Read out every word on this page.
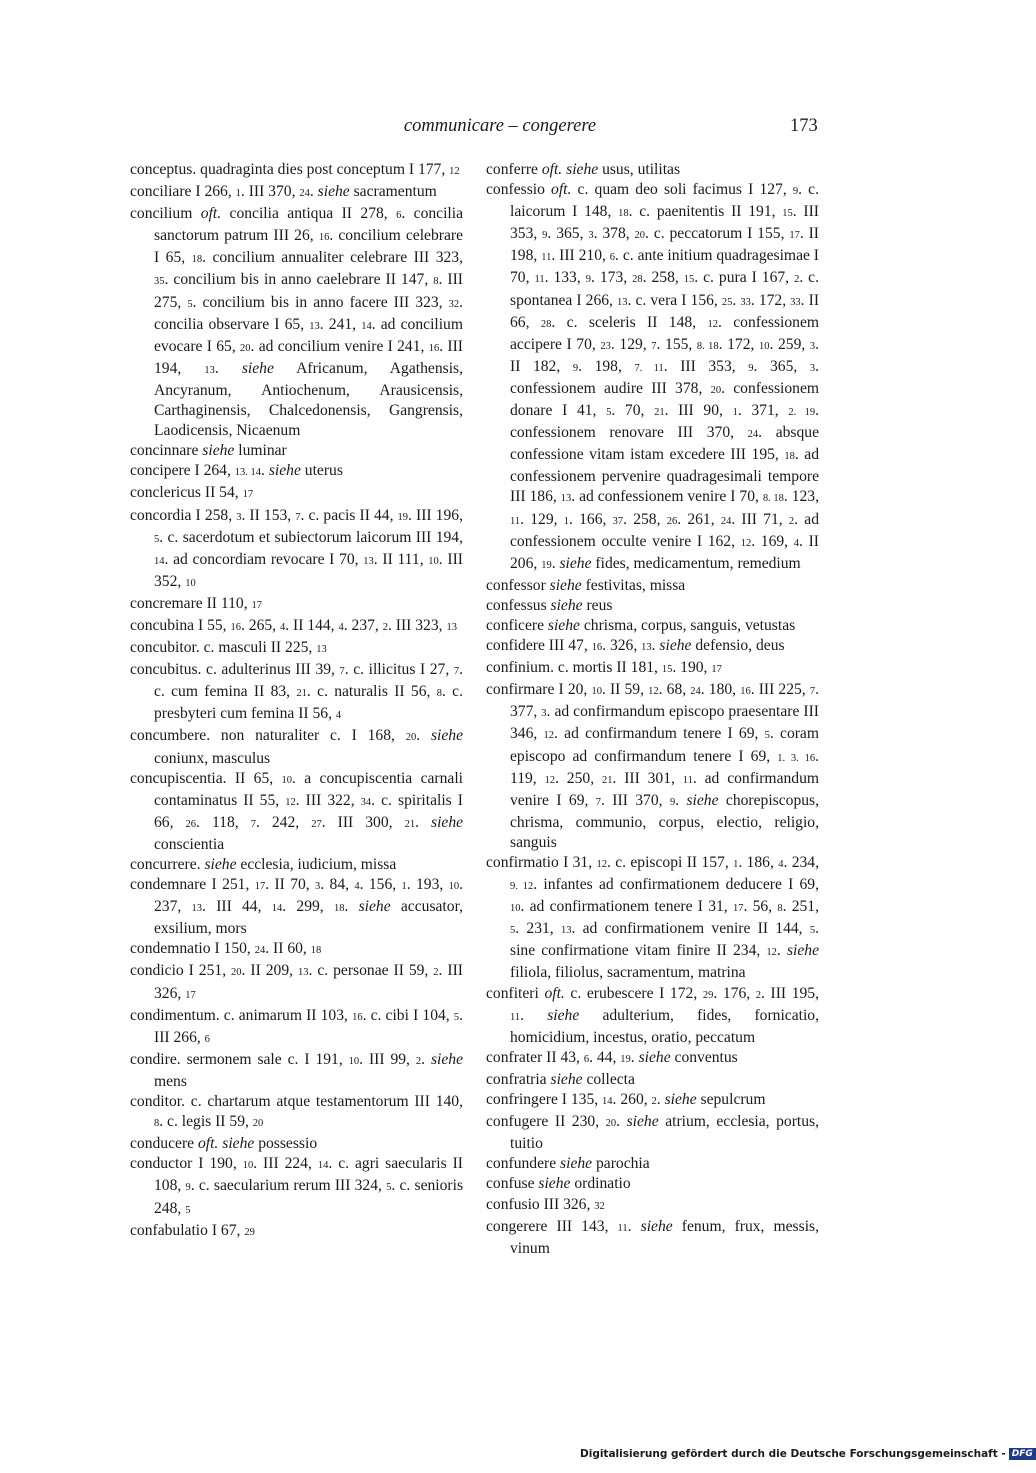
communicare – congerere	173

conceptus. quadraginta dies post conceptum I 177, 12

conciliare I 266, 1. III 370, 24. siehe sacramentum

concilium oft. concilia antiqua II 278, 6. concilia sanctorum patrum III 26, 16. concilium celebrare I 65, 18. concilium annualiter celebrare III 323, 35. concilium bis in anno caelebrare II 147, 8. III 275, 5. concilium bis in anno facere III 323, 32. concilia observare I 65, 13. 241, 14. ad concilium evocare I 65, 20. ad concilium venire I 241, 16. III 194, 13. siehe Africanum, Agathensis, Ancyranum, Antiochenum, Arausicensis, Carthaginensis, Chalcedonensis, Gangrensis, Laodicensis, Nicaenum

concinnare siehe luminar

concipere I 264, 13. 14. siehe uterus

conclericus II 54, 17

concordia I 258, 3. II 153, 7. c. pacis II 44, 19. III 196, 5. c. sacerdotum et subiectorum laicorum III 194, 14. ad concordiam revocare I 70, 13. II 111, 10. III 352, 10

concremare II 110, 17

concubina I 55, 16. 265, 4. II 144, 4. 237, 2. III 323, 13

concubitor. c. masculi II 225, 13

concubitus. c. adulterinus III 39, 7. c. illicitus I 27, 7. c. cum femina II 83, 21. c. naturalis II 56, 8. c. presbyteri cum femina II 56, 4

concumbere. non naturaliter c. I 168, 20. siehe coniunx, masculus

concupiscentia. II 65, 10. a concupiscentia carnali contaminatus II 55, 12. III 322, 34. c. spiritalis I 66, 26. 118, 7. 242, 27. III 300, 21. siehe conscientia

concurrere. siehe ecclesia, iudicium, missa

condemnare I 251, 17. II 70, 3. 84, 4. 156, 1. 193, 10. 237, 13. III 44, 14. 299, 18. siehe accusator, exsilium, mors

condemnatio I 150, 24. II 60, 18

condicio I 251, 20. II 209, 13. c. personae II 59, 2. III 326, 17

condimentum. c. animarum II 103, 16. c. cibi I 104, 5. III 266, 6

condire. sermonem sale c. I 191, 10. III 99, 2. siehe mens

conditor. c. chartarum atque testamentorum III 140, 8. c. legis II 59, 20

conducere oft. siehe possessio

conductor I 190, 10. III 224, 14. c. agri saecularis II 108, 9. c. saecularium rerum III 324, 5. c. senioris 248, 5

confabulatio I 67, 29

conferre oft. siehe usus, utilitas

confessio oft. c. quam deo soli facimus I 127, 9. c. laicorum I 148, 18. c. paenitentis II 191, 15. III 353, 9. 365, 3. 378, 20. c. peccatorum I 155, 17. II 198, 11. III 210, 6. c. ante initium quadragesimae I 70, 11. 133, 9. 173, 28. 258, 15. c. pura I 167, 2. c. spontanea I 266, 13. c. vera I 156, 25. 33. 172, 33. II 66, 28. c. sceleris II 148, 12. confessionem accipere I 70, 23. 129, 7. 155, 8. 18. 172, 10. 259, 3. II 182, 9. 198, 7. 11. III 353, 9. 365, 3. confessionem audire III 378, 20. confessionem donare I 41, 5. 70, 21. III 90, 1. 371, 2. 19. confessionem renovare III 370, 24. absque confessione vitam istam excedere III 195, 18. ad confessionem pervenire quadragesimali tempore III 186, 13. ad confessionem venire I 70, 8. 18. 123, 11. 129, 1. 166, 37. 258, 26. 261, 24. III 71, 2. ad confessionem occulte venire I 162, 12. 169, 4. II 206, 19. siehe fides, medicamentum, remedium

confessor siehe festivitas, missa

confessus siehe reus

conficere siehe chrisma, corpus, sanguis, vetustas

confidere III 47, 16. 326, 13. siehe defensio, deus

confinium. c. mortis II 181, 15. 190, 17

confirmare I 20, 10. II 59, 12. 68, 24. 180, 16. III 225, 7. 377, 3. ad confirmandum episcopo praesentare III 346, 12. ad confirmandum tenere I 69, 5. coram episcopo ad confirmandum tenere I 69, 1. 3. 16. 119, 12. 250, 21. III 301, 11. ad confirmandum venire I 69, 7. III 370, 9. siehe chorepiscopus, chrisma, communio, corpus, electio, religio, sanguis

confirmatio I 31, 12. c. episcopi II 157, 1. 186, 4. 234, 9. 12. infantes ad confirmationem deducere I 69, 10. ad confirmationem tenere I 31, 17. 56, 8. 251, 5. 231, 13. ad confirmationem venire II 144, 5. sine confirmatione vitam finire II 234, 12. siehe filiola, filiolus, sacramentum, matrina

confiteri oft. c. erubescere I 172, 29. 176, 2. III 195, 11. siehe adulterium, fides, fornicatio, homicidium, incestus, oratio, peccatum

confrater II 43, 6. 44, 19. siehe conventus

confratria siehe collecta

confringere I 135, 14. 260, 2. siehe sepulcrum

confugere II 230, 20. siehe atrium, ecclesia, portus, tuitio

confundere siehe parochia

confuse siehe ordinatio

confusio III 326, 32

congerere III 143, 11. siehe fenum, frux, messis, vinum

Digitalisierung gefördert durch die Deutsche Forschungsgemeinschaft - DFG
